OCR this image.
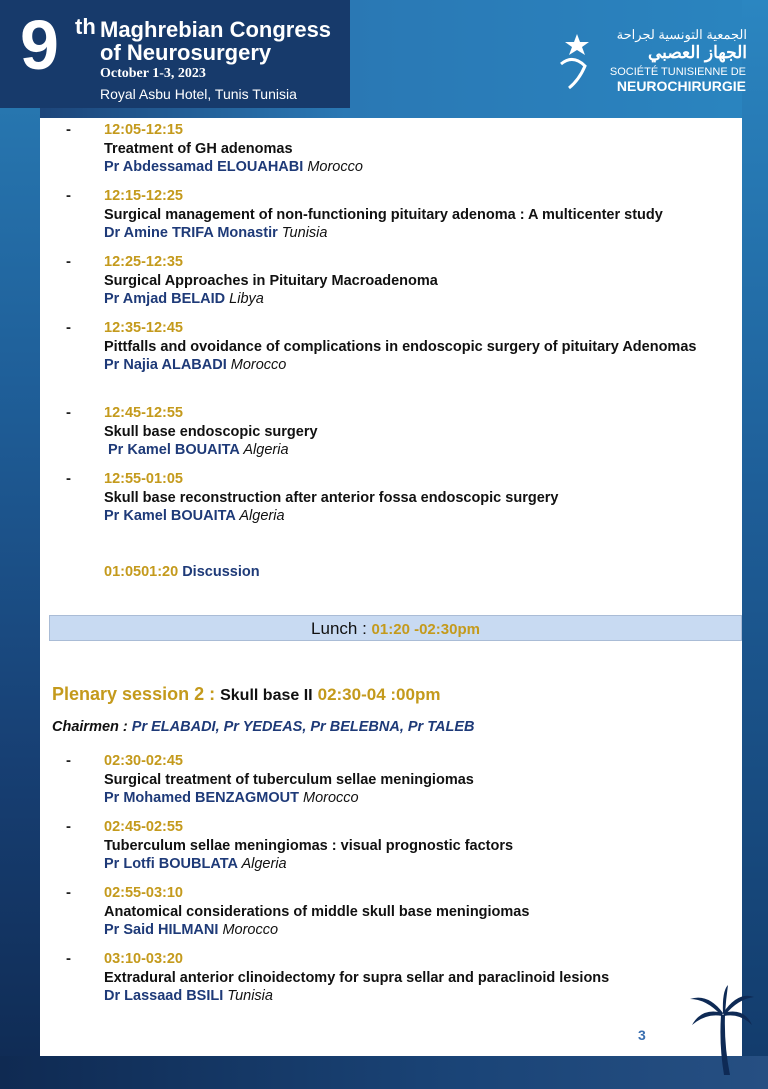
9 th Maghrebian Congress
of Neurosurgery
October 1-3, 2023
Royal Asbu Hotel, Tunis Tunisia
الجمعية التونسية لجراحة
الجهاز العصبي
SOCIÉTÉ TUNISIENNE DE
NEUROCHIRURGIE
- 12:05-12:15
Treatment of GH adenomas
Pr Abdessamad ELOUAHABI Morocco
- 12:15-12:25
Surgical management of non-functioning pituitary adenoma : A multicenter study
Dr Amine TRIFA Monastir Tunisia
- 12:25-12:35
Surgical Approaches in Pituitary Macroadenoma
Pr Amjad BELAID Libya
- 12:35-12:45
Pittfalls and ovoidance of complications in endoscopic surgery of pituitary Adenomas
Pr Najia ALABADI Morocco
- 12:45-12:55
Skull base endoscopic surgery
Pr Kamel BOUAITA Algeria
- 12:55-01:05
Skull base reconstruction after anterior fossa endoscopic surgery
Pr Kamel BOUAITA Algeria
01:0501:20 Discussion
Lunch : 01:20 -02:30pm
Plenary session 2 : Skull base II 02:30-04 :00pm
Chairmen : Pr ELABADI, Pr YEDEAS, Pr BELEBNA, Pr TALEB
- 02:30-02:45
Surgical treatment of tuberculum sellae meningiomas
Pr Mohamed BENZAGMOUT Morocco
- 02:45-02:55
Tuberculum sellae meningiomas : visual prognostic factors
Pr Lotfi BOUBLATA Algeria
- 02:55-03:10
Anatomical considerations of middle skull base meningiomas
Pr Said HILMANI Morocco
- 03:10-03:20
Extradural anterior clinoidectomy for supra sellar and paraclinoid lesions
Dr Lassaad BSILI Tunisia
3
